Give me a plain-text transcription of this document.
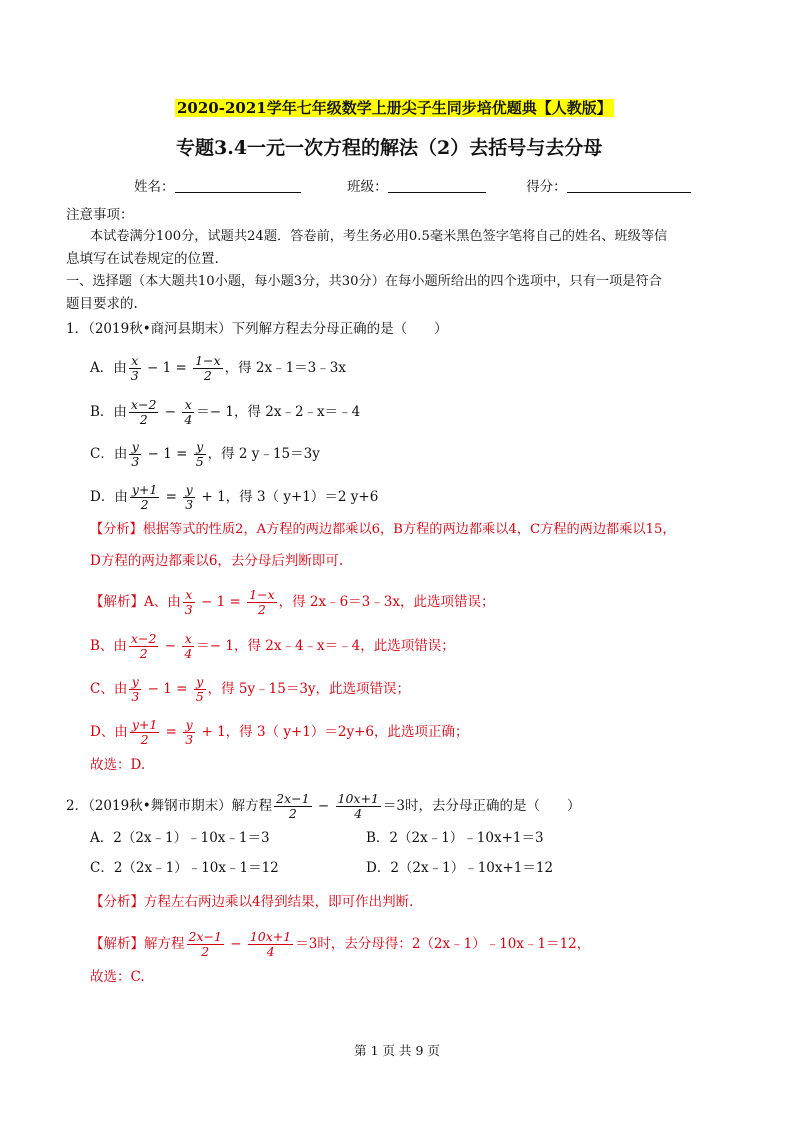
2020-2021学年七年级数学上册尖子生同步培优题典【人教版】
专题3.4一元一次方程的解法（2）去括号与去分母
姓名：	班级：	得分：
注意事项：
本试卷满分100分，试题共24题．答卷前，考生务必用0.5毫米黑色签字笔将自己的姓名、班级等信
息填写在试卷规定的位置.
一、选择题（本大题共10小题，每小题3分，共30分）在每小题所给出的四个选项中，只有一项是符合
题目要求的.
1．（2019秋•商河县期末）下列解方程去分母正确的是（　　）
A．由 $\frac{x}{3} - 1 = \frac{1-x}{2}$ ，得 2x﹣1＝3﹣3x
B．由 $\frac{x-2}{2} - \frac{x}{4} =- 1$，得 2x﹣2﹣x＝﹣4
C．由 $\frac{y}{3} - 1 = \frac{y}{5}$ ，得 2 y﹣15＝3y
D．由 $\frac{y+1}{2} = \frac{y}{3} + 1$，得 3（ y+1）＝2 y+6
【分析】根据等式的性质2，A方程的两边都乘以6，B方程的两边都乘以4，C方程的两边都乘以15，
D方程的两边都乘以6，去分母后判断即可.
【解析】A、由 $\frac{x}{3} - 1 = \frac{1-x}{2}$ ，得 2x﹣6＝3﹣3x，此选项错误；
B、由 $\frac{x-2}{2} - \frac{x}{4} =- 1$，得 2x﹣4﹣x＝﹣4，此选项错误；
C、由 $\frac{y}{3} - 1 = \frac{y}{5}$ ，得 5y﹣15＝3y，此选项错误；
D、由 $\frac{y+1}{2} = \frac{y}{3} + 1$，得 3（ y+1）＝2y+6，此选项正确；
故选：D.
2．（2019秋•舞钢市期末）解方程 $\frac{2x-1}{2} - \frac{10x+1}{4} =3$时，去分母正确的是（　　）
A．2（2x﹣1）﹣10x﹣1＝3	B．2（2x﹣1）﹣10x+1＝3
C．2（2x﹣1）﹣10x﹣1＝12	D．2（2x﹣1）﹣10x+1＝12
【分析】方程左右两边乘以4得到结果，即可作出判断.
【解析】解方程 $\frac{2x-1}{2} - \frac{10x+1}{4} =3$时，去分母得：2（2x﹣1）﹣10x﹣1＝12，
故选：C.
第 1 页 共 9 页
